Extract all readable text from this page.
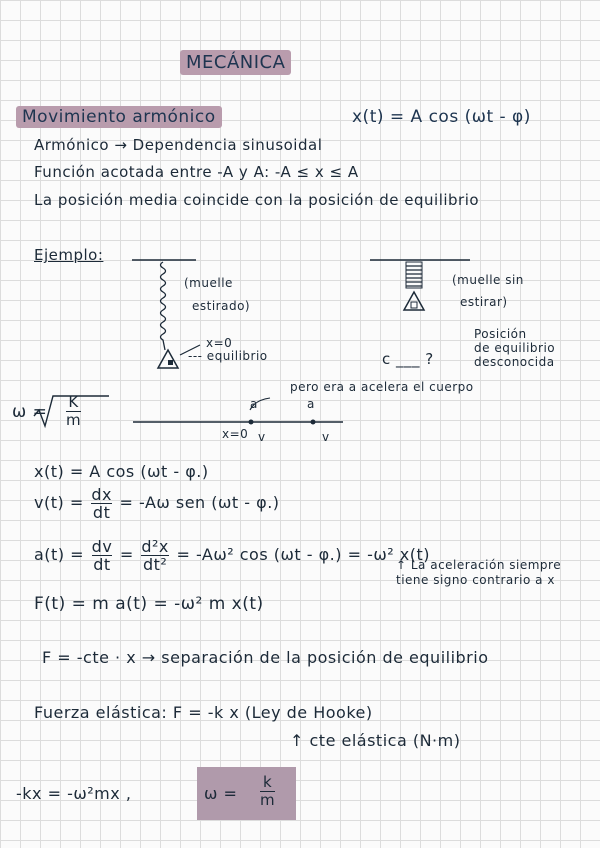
MECÁNICA
Movimiento armónico	x(t) = A cos (ωt - φ)
Armónico → Dependencia sinusoidal
Función acotada entre -A y A: -A ≤ x ≤ A
La posición media coincide con la posición de equilibrio
Ejemplo:
(muelle
estirado)
x=0
--- equilibrio
(muelle sin
estirar)
c ___ ?
Posición
de equilibrio
desconocida
$\omega = \frac{K}{m}$
pero era a acelera el cuerpo
a	a
x=0 v	v
x(t) = A cos (ωt - φ.)
$v(t) = \frac{dx}{dt} = -A\omega$ sen (ωt - φ.)
$a(t) = \frac{dv}{dt} = \frac{\text{d²x}}{\text{dt²}} = -A\omega^2$ cos (ωt - φ.) = -ω² x(t)
↑ La aceleración siempre
tiene signo contrario a x
F(t) = m a(t) = -ω² m x(t)
F = -cte · x → separación de la posición de equilibrio
Fuerza elástica: F = -k x (Ley de Hooke)
↑ cte elástica (N·m)
-kx = -ω²mx ,	$\omega = \frac{k}{m}$
